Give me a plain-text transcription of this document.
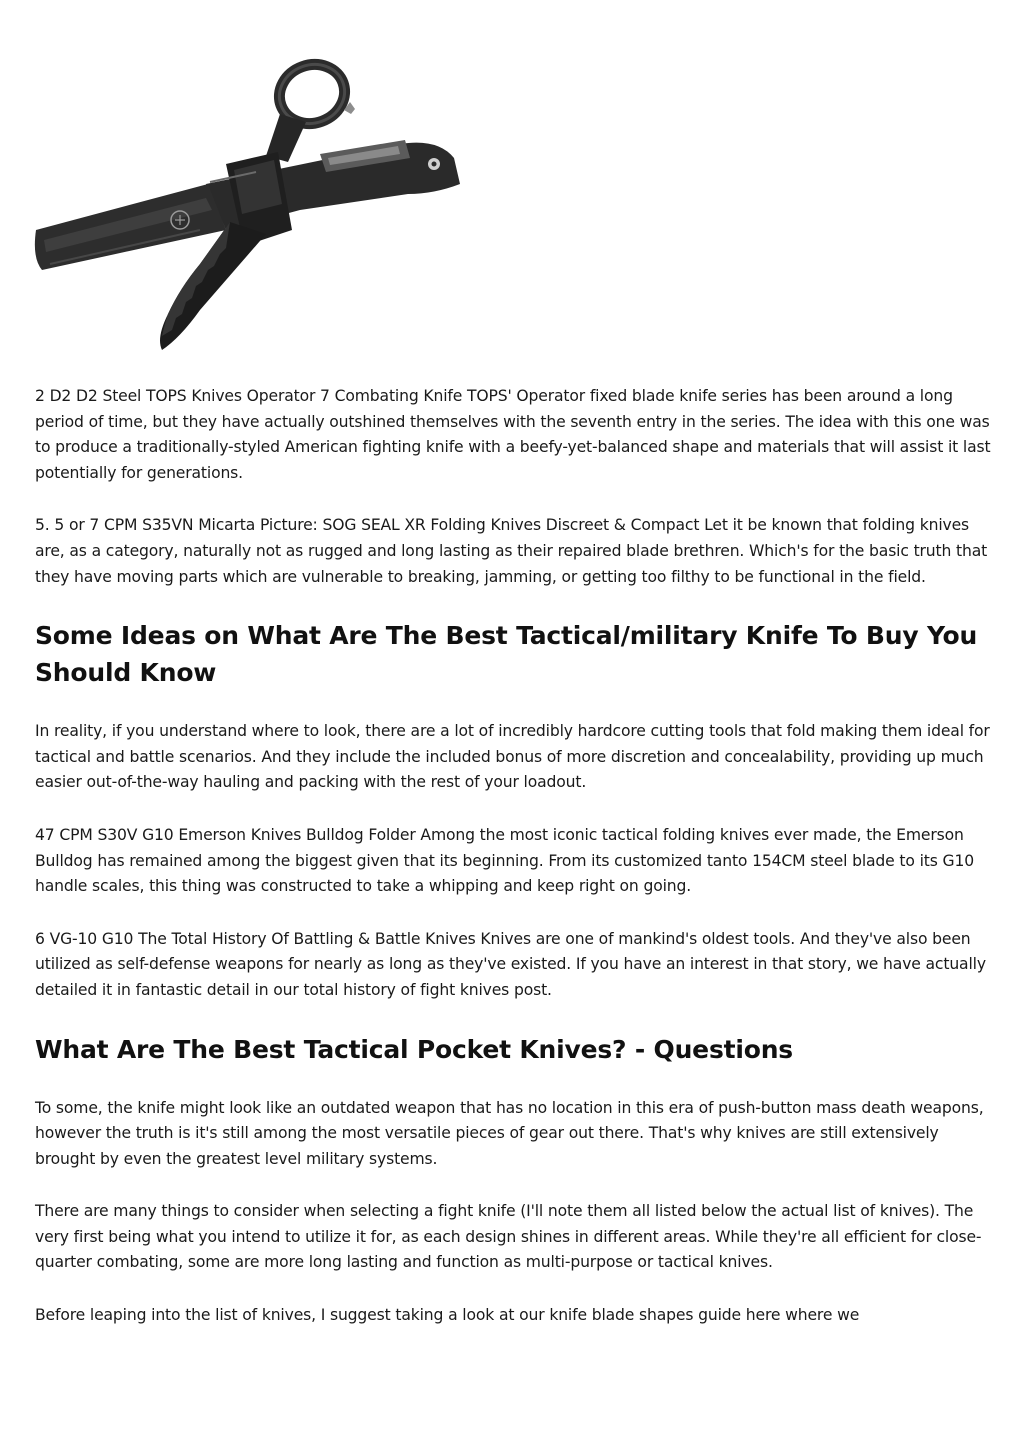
2 D2 D2 Steel TOPS Knives Operator 7 Combating Knife TOPS' Operator fixed blade knife series has been around a long period of time, but they have actually outshined themselves with the seventh entry in the series. The idea with this one was to produce a traditionally-styled American fighting knife with a beefy-yet-balanced shape and materials that will assist it last potentially for generations.

5. 5 or 7 CPM S35VN Micarta Picture: SOG SEAL XR Folding Knives Discreet & Compact Let it be known that folding knives are, as a category, naturally not as rugged and long lasting as their repaired blade brethren. Which's for the basic truth that they have moving parts which are vulnerable to breaking, jamming, or getting too filthy to be functional in the field.

Some Ideas on What Are The Best Tactical/military Knife To Buy You Should Know

In reality, if you understand where to look, there are a lot of incredibly hardcore cutting tools that fold making them ideal for tactical and battle scenarios. And they include the included bonus of more discretion and concealability, providing up much easier out-of-the-way hauling and packing with the rest of your loadout.

47 CPM S30V G10 Emerson Knives Bulldog Folder Among the most iconic tactical folding knives ever made, the Emerson Bulldog has remained among the biggest given that its beginning. From its customized tanto 154CM steel blade to its G10 handle scales, this thing was constructed to take a whipping and keep right on going.

6 VG-10 G10 The Total History Of Battling & Battle Knives Knives are one of mankind's oldest tools. And they've also been utilized as self-defense weapons for nearly as long as they've existed. If you have an interest in that story, we have actually detailed it in fantastic detail in our total history of fight knives post.

What Are The Best Tactical Pocket Knives? - Questions

To some, the knife might look like an outdated weapon that has no location in this era of push-button mass death weapons, however the truth is it's still among the most versatile pieces of gear out there. That's why knives are still extensively brought by even the greatest level military systems.

There are many things to consider when selecting a fight knife (I'll note them all listed below the actual list of knives). The very first being what you intend to utilize it for, as each design shines in different areas. While they're all efficient for close-quarter combating, some are more long lasting and function as multi-purpose or tactical knives.

Before leaping into the list of knives, I suggest taking a look at our knife blade shapes guide here where we
